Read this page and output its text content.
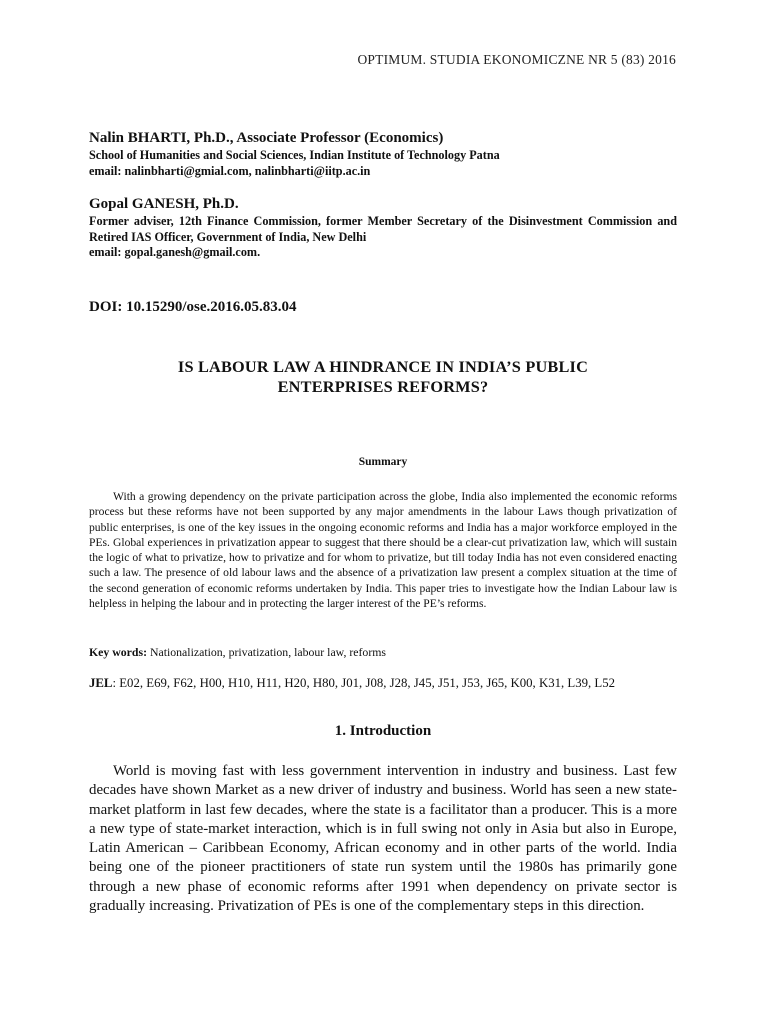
OPTIMUM. STUDIA EKONOMICZNE NR 5 (83) 2016
Nalin BHARTI, Ph.D., Associate Professor (Economics)
School of Humanities and Social Sciences, Indian Institute of Technology Patna
email: nalinbharti@gmial.com, nalinbharti@iitp.ac.in
Gopal GANESH, Ph.D.
Former adviser, 12th Finance Commission, former Member Secretary of the Disinvestment Commission and Retired IAS Officer, Government of India, New Delhi
email: gopal.ganesh@gmail.com.
DOI: 10.15290/ose.2016.05.83.04
IS LABOUR LAW A HINDRANCE IN INDIA’S PUBLIC
ENTERPRISES REFORMS?
Summary

With a growing dependency on the private participation across the globe, India also implemented the economic reforms process but these reforms have not been supported by any major amendments in the labour Laws though privatization of public enterprises, is one of the key issues in the ongoing economic reforms and India has a major workforce employed in the PEs. Global experiences in privatization appear to suggest that there should be a clear-cut privatization law, which will sustain the logic of what to privatize, how to privatize and for whom to privatize, but till today India has not even considered enacting such a law. The presence of old labour laws and the absence of a privatization law present a complex situation at the time of the second generation of economic reforms undertaken by India. This paper tries to investigate how the Indian Labour law is helpless in helping the labour and in protecting the larger interest of the PE’s reforms.

Key words: Nationalization, privatization, labour law, reforms
JEL: E02, E69, F62, H00, H10, H11, H20, H80, J01, J08, J28, J45, J51, J53, J65, K00, K31, L39, L52
1. Introduction

World is moving fast with less government intervention in industry and business. Last few decades have shown Market as a new driver of industry and business. World has seen a new state-market platform in last few decades, where the state is a facilitator than a producer. This is a more a new type of state-market interaction, which is in full swing not only in Asia but also in Europe, Latin American – Caribbean Economy, African economy and in other parts of the world. India being one of the pioneer practitioners of state run system until the 1980s has primarily gone through a new phase of economic reforms after 1991 when dependency on private sector is gradually increasing. Privatization of PEs is one of the complementary steps in this direction.
